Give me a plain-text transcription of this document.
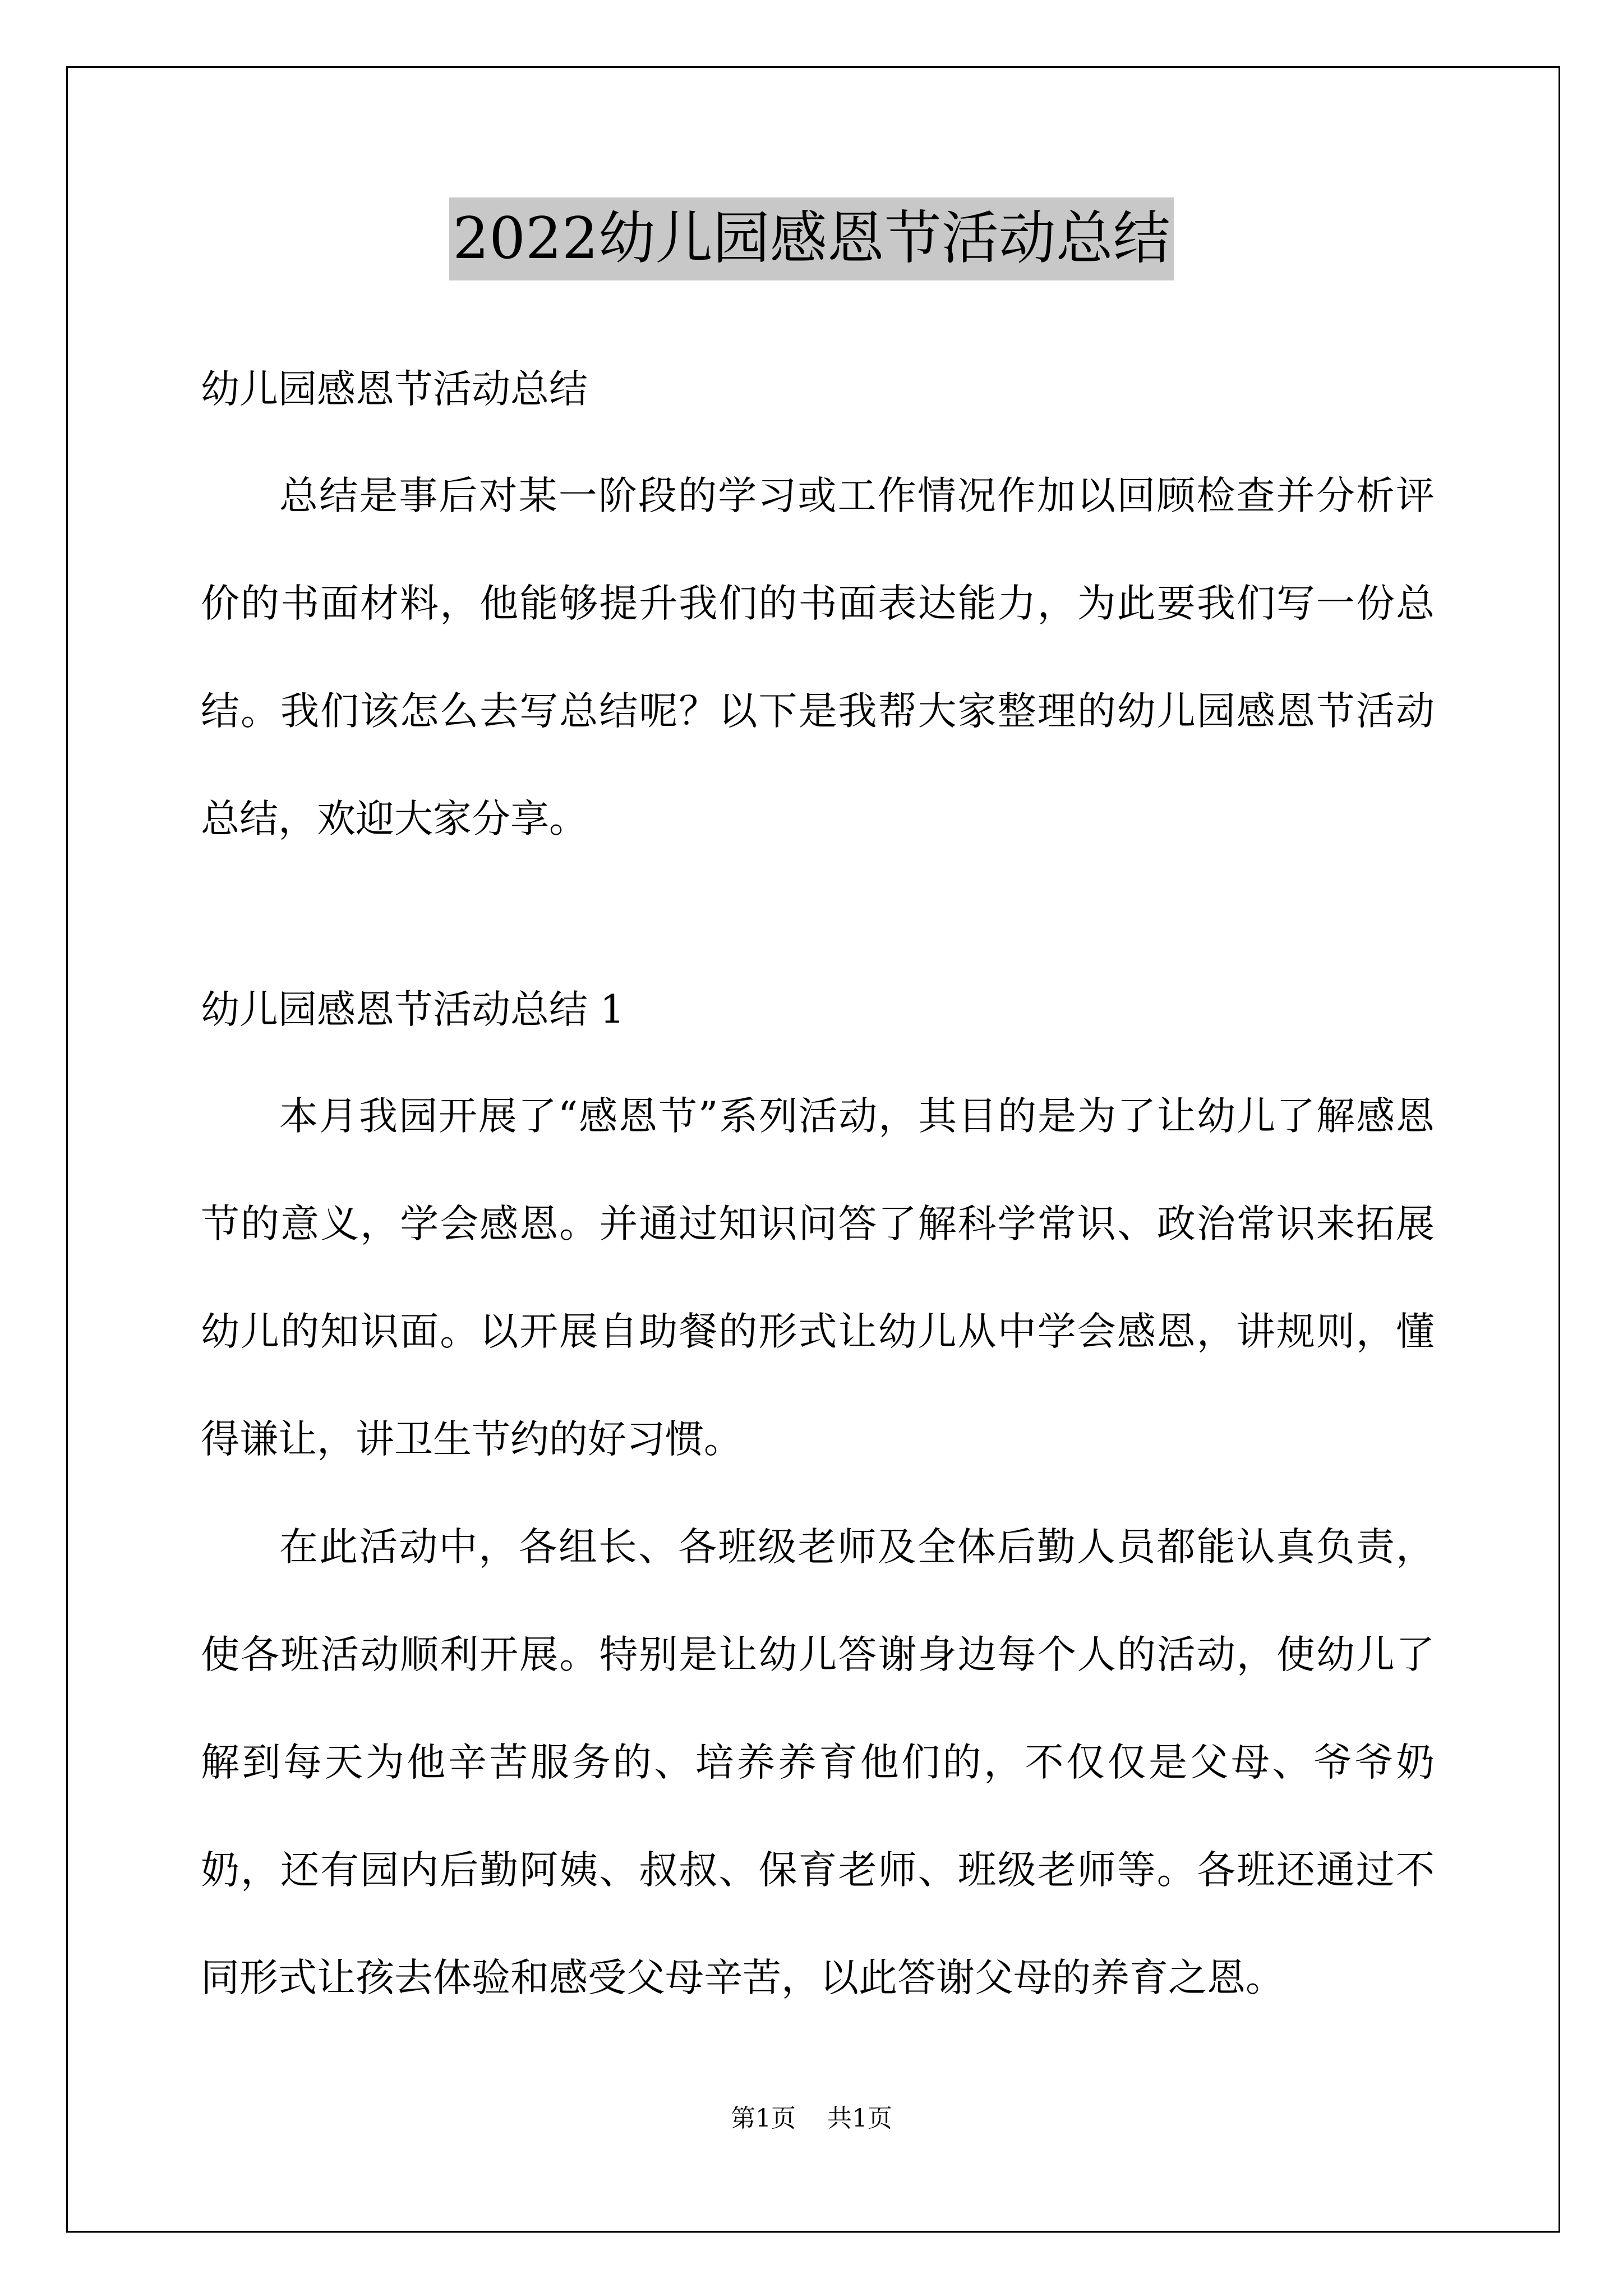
2022幼儿园感恩节活动总结

幼儿园感恩节活动总结

总结是事后对某一阶段的学习或工作情况作加以回顾检查并分析评价的书面材料，他能够提升我们的书面表达能力，为此要我们写一份总结。我们该怎么去写总结呢？以下是我帮大家整理的幼儿园感恩节活动总结，欢迎大家分享。

幼儿园感恩节活动总结 1

本月我园开展了“感恩节”系列活动，其目的是为了让幼儿了解感恩节的意义，学会感恩。并通过知识问答了解科学常识、政治常识来拓展幼儿的知识面。以开展自助餐的形式让幼儿从中学会感恩，讲规则，懂得谦让，讲卫生节约的好习惯。

在此活动中，各组长、各班级老师及全体后勤人员都能认真负责，使各班活动顺利开展。特别是让幼儿答谢身边每个人的活动，使幼儿了解到每天为他辛苦服务的、培养养育他们的，不仅仅是父母、爷爷奶奶，还有园内后勤阿姨、叔叔、保育老师、班级老师等。各班还通过不同形式让孩去体验和感受父母辛苦，以此答谢父母的养育之恩。

第1页 共1页
